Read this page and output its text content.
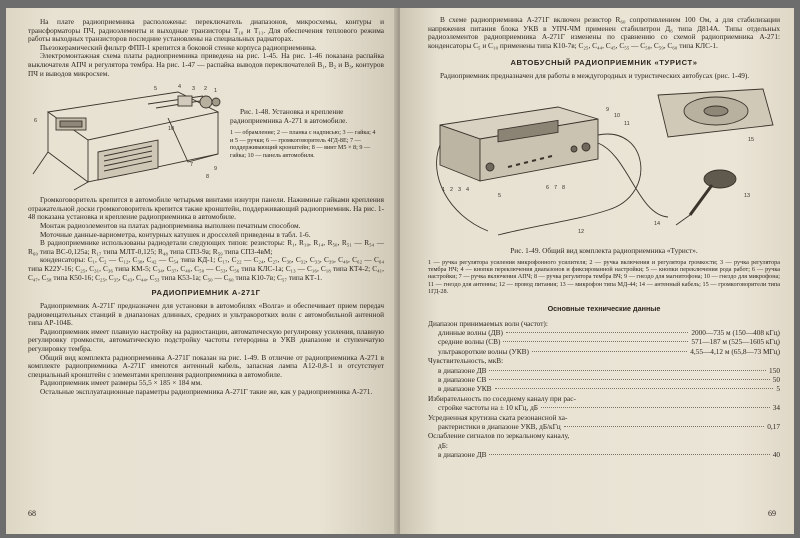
На плате радиоприемника расположены: переключатель диапазонов, микросхемы, контуры и трансформаторы ПЧ, радиоэлементы и выходные транзисторы Т₁₀ и Т₁₁. Для обеспечения теплового режима работы выходных транзисторов последние установлены на специальных радиаторах.

Пьезокерамический фильтр ФПП-1 крепится в боковой стенке корпуса радиоприемника.

Электромонтажная схема платы радиоприемника приведена на рис. 1-45. На рис. 1-46 показана распайка выключателя АПЧ и регулятора тембра. На рис. 1-47 — распайка выводов переключателей В₁, В₂ и В₃, контуров ПЧ и выводов микросхем.

1
2
3
4
5
6
7
8
9
10
Рис. 1-48. Установка и крепление радиоприемника А-271 в автомобиле.
1 — обрамление; 2 — планка с надписью; 3 — гайка; 4 и 5 — ручки; 6 — громкоговоритель 4ГД-8Е; 7 — поддерживающий кронштейн; 8 — винт М5 × 8; 9 — гайка; 10 — панель автомобиля.

Громкоговоритель крепится в автомобиле четырьмя винтами изнутри панели. Нажимные гайками крепления отражательной доски громкоговоритель крепится также кронштейн, поддерживающий радиоприемник. На рис. 1-48 показана установка и крепление радиоприемника в автомобиле.

Монтаж радиоэлементов на платах радиоприемника выполнен печатным способом.

Моточные данные-вариометра, контурных катушек и дросселей приведены в табл. 1-6.

В радиоприемнике использованы радиодетали следующих типов: резисторы: R₁, R₁₀, R₁₄, R₅₀, R₅₁ — R₅₄ — R₆₀ типа ВС-0,125а; R₁₇ типа МЛТ-0,125; R₄₈ типа СП3-9а; R₅₉ типа СП3-4вМ;

конденсаторы: C₁, C₂ — C₁₂, C₃₈, C₄₂ — C₅₄ типа КД-1; C₁₇, C₂₂ — C₂₄, C₂₇, C₃₀, C₃₂, C₃₃, C₃₉, C₄₆, C₆₂ — C₆₄ типа К22У-16; C₂₅, C₃₁, C₃₆ типа КМ-5; C₃₄, C₃₇, C₄₀, C₅₀ — C₅₃, C₅₆ типа КЛС-1а; C₁₃ — C₁₆, C₁₈ типа КТ4-2; C₄₁, C₄₇, C₅₈ типа К50-16; C₂₅, C₃₅, C₄₃, C₄₄, C₅₃ типа К53-1а; C₅₀ — C₆₀ типа К10-7в; C₅₇ типа КТ-1.

РАДИОПРИЕМНИК А-271Г

Радиоприемник А-271Г предназначен для установки в автомобилях «Волга» и обеспечивает прием передач радиовещательных станций в диапазонах длинных, средних и ультракоротких волн с автомобильной антенной типа АР-104Б.

Радиоприемник имеет плавную настройку на радиостанции, автоматическую регулировку усиления, плавную регулировку громкости, автоматическую подстройку частоты гетеродина в УКВ диапазоне и ступенчатую регулировку тембра.

Общий вид комплекта радиоприемника А-271Г показан на рис. 1-49. В отличие от радиоприемника А-271 в комплекте радиоприемника А-271Г имеются антенный кабель, запасная лампа А12-0,8-1 и отсутствует специальный кронштейн с элементами крепления радиоприемника в автомобиле.

Радиоприемник имеет размеры 55,5 × 185 × 184 мм.

Остальные эксплуатационные параметры радиоприемника А-271Г такие же, как у радиоприемника А-271.

68

В схеме радиоприемника А-271Г включен резистор R₆₀ сопротивлением 100 Ом, а для стабилизации напряжения питания блока УКВ в УПЧ-ЧМ применен стабилитрон Д₆ типа Д814А. Типы отдельных радиоэлементов радиоприемника А-271Г изменены по сравнению со схемой радиоприемника А-271: конденсаторы C₅ и C₁₀ применены типа К10-7в; C₂₅, C₄₄, C₄₅, C₅₅ — C₅₈, C₅₉, C₆₀ типа КЛС-1.

АВТОБУСНЫЙ РАДИОПРИЕМНИК «ТУРИСТ»

Радиоприемник предназначен для работы в междугородных и туристических автобусах (рис. 1-49).

1 2 3 4
5
6 7 8
9
10
11
12
13
14
15
Рис. 1-49. Общий вид комплекта радиоприемника «Турист».
1 — ручка регулятора усиления микрофонного усилителя; 2 — ручка включения и регулятора громкости; 3 — ручка регулятора тембра НЧ; 4 — кнопки переключения диапазонов и фиксированной настройки; 5 — кнопки переключения рода работ; 6 — ручка настройки; 7 — ручка включения АПЧ; 8 — ручка регулятора тембра ВЧ; 9 — гнездо для магнитофона; 10 — гнездо для микрофона; 11 — гнездо для антенны; 12 — провод питания; 13 — микрофон типа МД-44; 14 — антенный кабель; 15 — громкоговорители типа 1ГД-28.
Основные технические данные
Диапазон принимаемых волн (частот):
длинные волны (ДВ)	2000—735 м (150—408 кГц)
средние волны (СВ)	571—187 м (525—1605 кГц)
ультракороткие волны (УКВ)	4,55—4,12 м (65,8—73 МГц)
Чувствительность, мкВ:
в диапазоне ДВ	150
в диапазоне СВ	50
в диапазоне УКВ	5
Избирательность по соседнему каналу при рас-
стройке частоты на ± 10 кГц, дБ	34
Усредненная крутизна ската резонансной ха-
рактеристики в диапазоне УКВ, дБ/кГц	0,17
Ослабление сигналов по зеркальному каналу,
дБ:
в диапазоне ДВ	40
69
